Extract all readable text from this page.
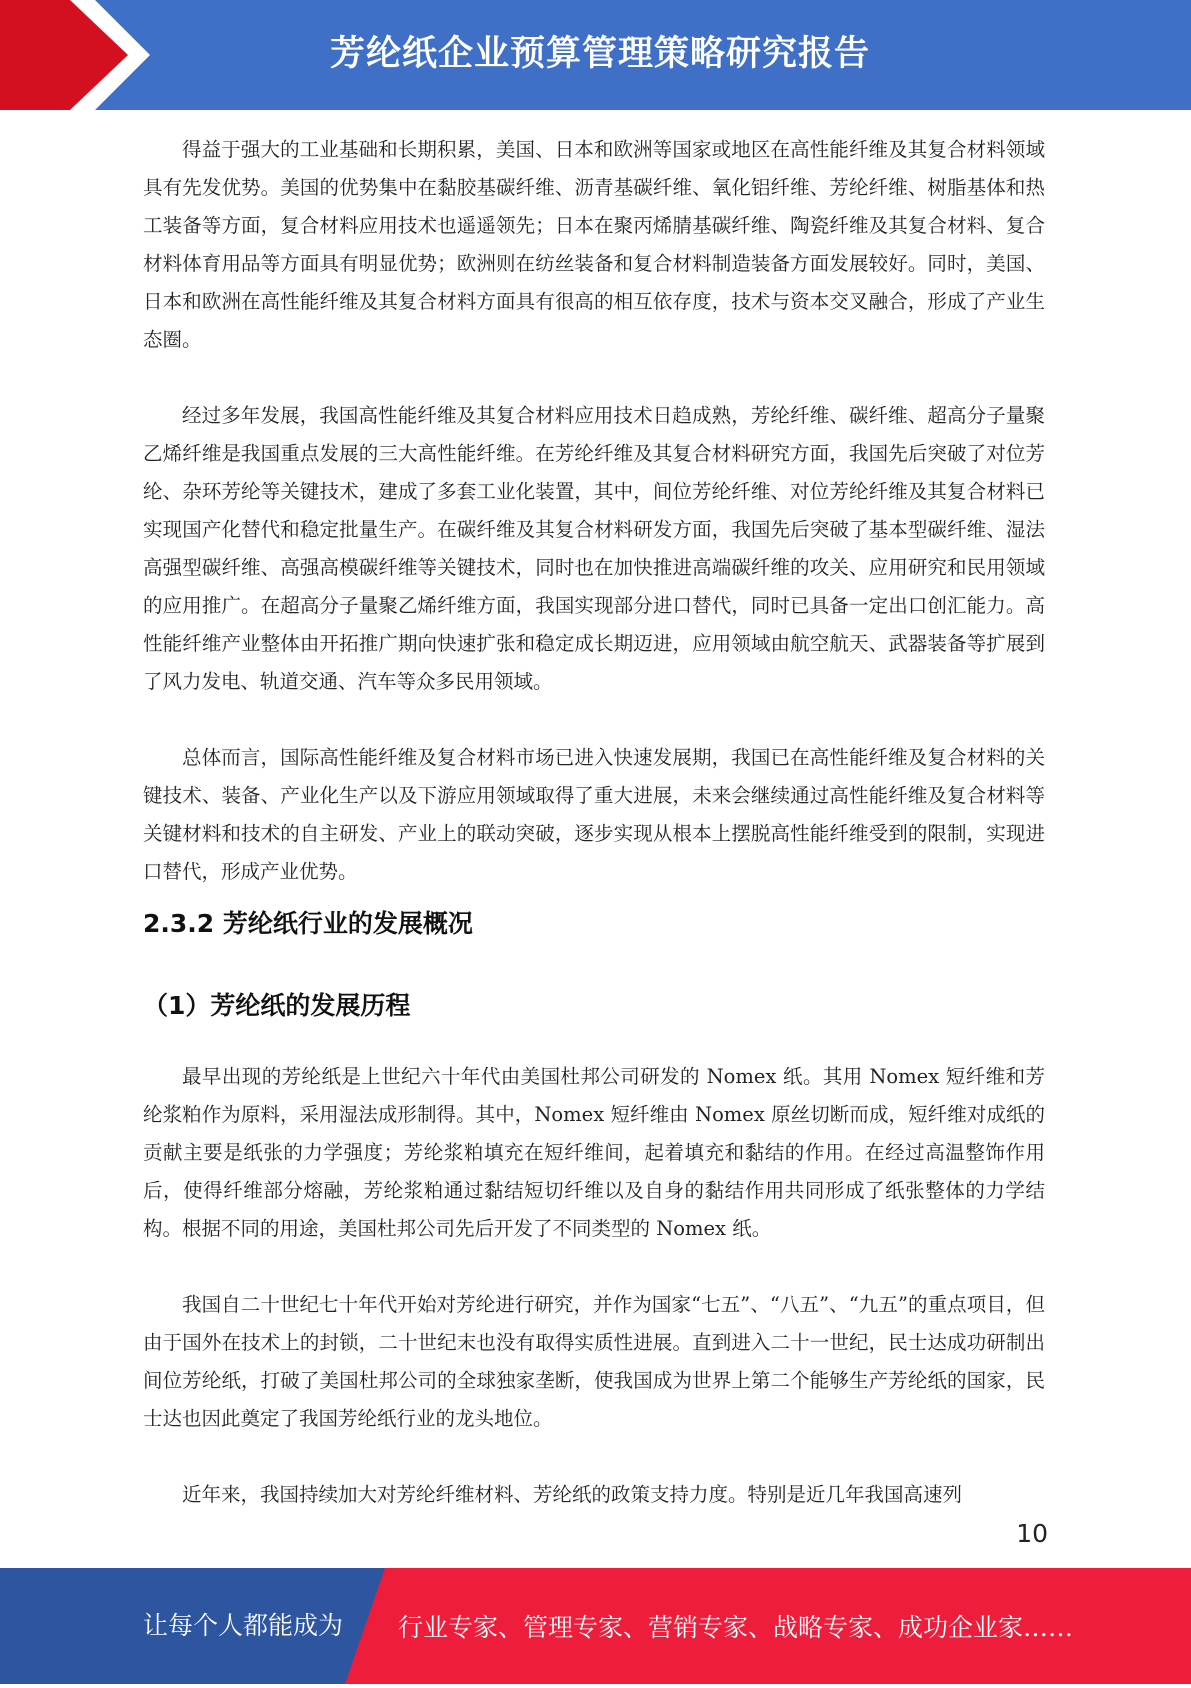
芳纶纸企业预算管理策略研究报告

得益于强大的工业基础和长期积累，美国、日本和欧洲等国家或地区在高性能纤维及其复合材料领域具有先发优势。美国的优势集中在黏胶基碳纤维、沥青基碳纤维、氧化铝纤维、芳纶纤维、树脂基体和热工装备等方面，复合材料应用技术也遥遥领先；日本在聚丙烯腈基碳纤维、陶瓷纤维及其复合材料、复合材料体育用品等方面具有明显优势；欧洲则在纺丝装备和复合材料制造装备方面发展较好。同时，美国、日本和欧洲在高性能纤维及其复合材料方面具有很高的相互依存度，技术与资本交叉融合，形成了产业生态圈。

经过多年发展，我国高性能纤维及其复合材料应用技术日趋成熟，芳纶纤维、碳纤维、超高分子量聚乙烯纤维是我国重点发展的三大高性能纤维。在芳纶纤维及其复合材料研究方面，我国先后突破了对位芳纶、杂环芳纶等关键技术，建成了多套工业化装置，其中，间位芳纶纤维、对位芳纶纤维及其复合材料已实现国产化替代和稳定批量生产。在碳纤维及其复合材料研发方面，我国先后突破了基本型碳纤维、湿法高强型碳纤维、高强高模碳纤维等关键技术，同时也在加快推进高端碳纤维的攻关、应用研究和民用领域的应用推广。在超高分子量聚乙烯纤维方面，我国实现部分进口替代，同时已具备一定出口创汇能力。高性能纤维产业整体由开拓推广期向快速扩张和稳定成长期迈进，应用领域由航空航天、武器装备等扩展到了风力发电、轨道交通、汽车等众多民用领域。

总体而言，国际高性能纤维及复合材料市场已进入快速发展期，我国已在高性能纤维及复合材料的关键技术、装备、产业化生产以及下游应用领域取得了重大进展，未来会继续通过高性能纤维及复合材料等关键材料和技术的自主研发、产业上的联动突破，逐步实现从根本上摆脱高性能纤维受到的限制，实现进口替代，形成产业优势。

2.3.2 芳纶纸行业的发展概况
（1）芳纶纸的发展历程

最早出现的芳纶纸是上世纪六十年代由美国杜邦公司研发的 Nomex 纸。其用 Nomex 短纤维和芳纶浆粕作为原料，采用湿法成形制得。其中，Nomex 短纤维由 Nomex 原丝切断而成，短纤维对成纸的贡献主要是纸张的力学强度；芳纶浆粕填充在短纤维间，起着填充和黏结的作用。在经过高温整饰作用后，使得纤维部分熔融，芳纶浆粕通过黏结短切纤维以及自身的黏结作用共同形成了纸张整体的力学结构。根据不同的用途，美国杜邦公司先后开发了不同类型的 Nomex 纸。

我国自二十世纪七十年代开始对芳纶进行研究，并作为国家“七五”、“八五”、“九五”的重点项目，但由于国外在技术上的封锁，二十世纪末也没有取得实质性进展。直到进入二十一世纪，民士达成功研制出间位芳纶纸，打破了美国杜邦公司的全球独家垄断，使我国成为世界上第二个能够生产芳纶纸的国家，民士达也因此奠定了我国芳纶纸行业的龙头地位。

近年来，我国持续加大对芳纶纤维材料、芳纶纸的政策支持力度。特别是近几年我国高速列

10
让每个人都能成为 行业专家、管理专家、营销专家、战略专家、成功企业家……
